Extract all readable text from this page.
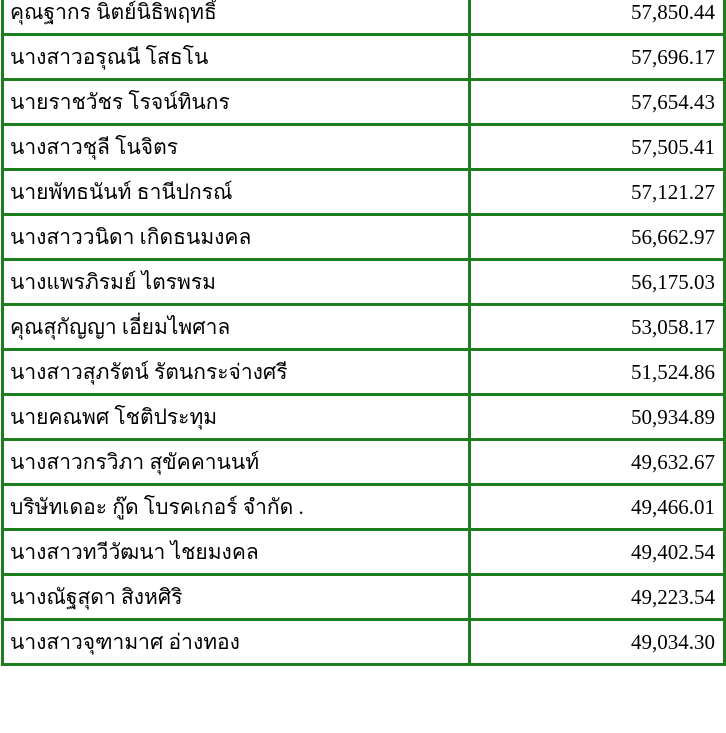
คุณฐากร นิตย์นิธิพฤทธิ์	57,850.44
นางสาวอรุณนี โสธโน	57,696.17
นายราชวัชร โรจน์ทินกร	57,654.43
นางสาวชุลี โนจิตร	57,505.41
นายพัทธนันท์ ธานีปกรณ์	57,121.27
นางสาววนิดา เกิดธนมงคล	56,662.97
นางแพรภิรมย์ ไตรพรม	56,175.03
คุณสุกัญญา เอี่ยมไพศาล	53,058.17
นางสาวสุภรัตน์ รัตนกระจ่างศรี	51,524.86
นายคณพศ โชติประทุม	50,934.89
นางสาวกรวิภา สุขัคคานนท์	49,632.67
บริษัทเดอะ กู๊ด โบรคเกอร์ จำกัด .	49,466.01
นางสาวทวีวัฒนา ไชยมงคล	49,402.54
นางณัฐสุดา สิงหศิริ	49,223.54
นางสาวจุฑามาศ อ่างทอง	49,034.30
